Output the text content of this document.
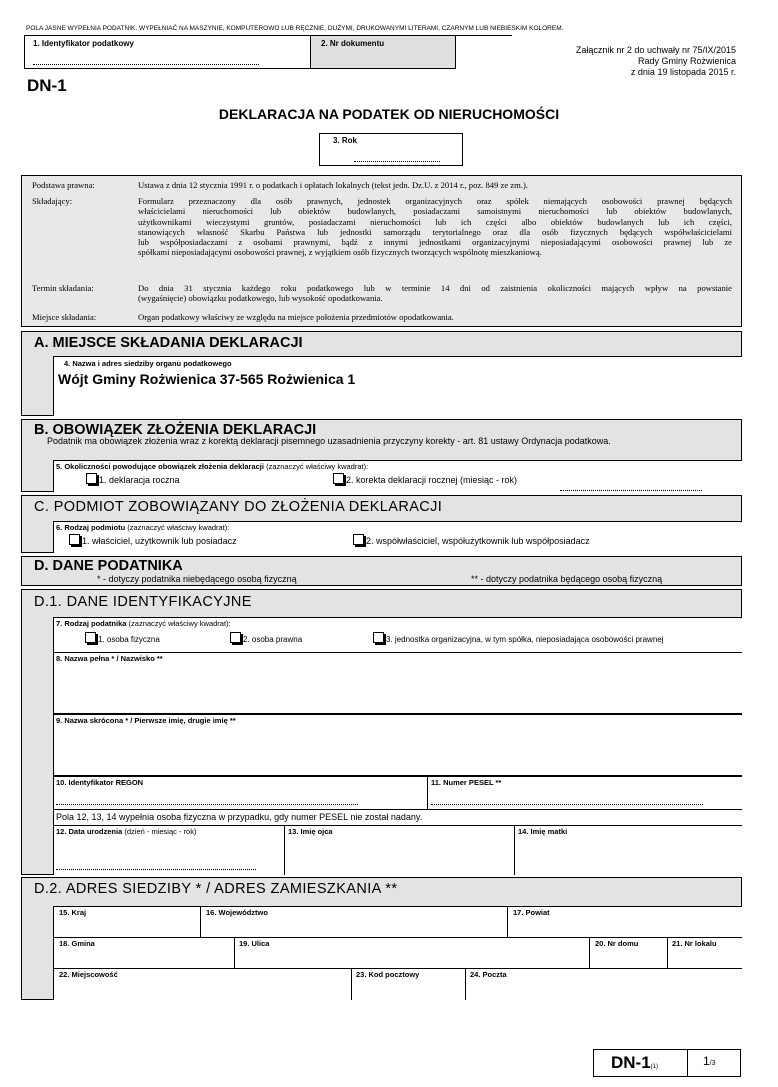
POLA JASNE WYPEŁNIA PODATNIK. WYPEŁNIAĆ NA MASZYNIE, KOMPUTEROWO LUB RĘCZNIE, DUŻYMI, DRUKOWANYMI LITERAMI, CZARNYM LUB NIEBIESKIM KOLOREM.
1. Identyfikator podatkowy	2. Nr dokumentu
Załącznik nr 2 do uchwały nr 75/IX/2015
Rady Gminy Rożwienica
z dnia 19 listopada 2015 r.
DN-1
DEKLARACJA NA PODATEK OD NIERUCHOMOŚCI
3. Rok
Podstawa prawna:	Ustawa z dnia 12 stycznia 1991 r. o podatkach i opłatach lokalnych (tekst jedn. Dz.U. z 2014 r., poz. 849 ze zm.).
Składający:	Formularz przeznaczony dla osób prawnych, jednostek organizacyjnych oraz spółek niemających osobowości prawnej będących
właścicielami nieruchomości lub obiektów budowlanych, posiadaczami samoistnymi nieruchomości lub obiektów budowlanych,
użytkownikami wieczystymi gruntów, posiadaczami nieruchomości lub ich części albo obiektów budowlanych lub ich części,
stanowiących własność Skarbu Państwa lub jednostki samorządu terytorialnego oraz dla osób fizycznych będących współwłaścicielami
lub współposiadaczami z osobami prawnymi, bądź z innymi jednostkami organizacyjnymi nieposiadającymi osobowości prawnej lub ze
spółkami nieposiadającymi osobowości prawnej, z wyjątkiem osób fizycznych tworzących wspólnotę mieszkaniową.
Termin składania:	Do dnia 31 stycznia każdego roku podatkowego lub w terminie 14 dni od zaistnienia okoliczności mających wpływ na powstanie
(wygaśnięcie) obowiązku podatkowego, lub wysokość opodatkowania.
Miejsce składania:	Organ podatkowy właściwy ze względu na miejsce położenia przedmiotów opodatkowania.
A. MIEJSCE SKŁADANIA DEKLARACJI
4. Nazwa i adres siedziby organu podatkowego
Wójt Gminy Rożwienica 37-565 Rożwienica 1
B. OBOWIĄZEK ZŁOŻENIA DEKLARACJI
Podatnik ma obowiązek złożenia wraz z korektą deklaracji pisemnego uzasadnienia przyczyny korekty - art. 81 ustawy Ordynacja podatkowa.
5. Okoliczności powodujące obowiązek złożenia deklaracji (zaznaczyć właściwy kwadrat):
1. deklaracja roczna	2. korekta deklaracji rocznej (miesiąc - rok)
C. PODMIOT ZOBOWIĄZANY DO ZŁOŻENIA DEKLARACJI
6. Rodzaj podmiotu (zaznaczyć właściwy kwadrat):
1. właściciel, użytkownik lub posiadacz	2. współwłaściciel, współużytkownik lub współposiadacz
D. DANE PODATNIKA
* - dotyczy podatnika niebędącego osobą fizyczną	** - dotyczy podatnika będącego osobą fizyczną
D.1. DANE IDENTYFIKACYJNE
7. Rodzaj podatnika (zaznaczyć właściwy kwadrat):
1. osoba fizyczna	2. osoba prawna	3. jednostka organizacyjna, w tym spółka, nieposiadająca osobowości prawnej
8. Nazwa pełna * / Nazwisko **
9. Nazwa skrócona * / Pierwsze imię, drugie imię **
10. Identyfikator REGON	11. Numer PESEL **
Pola 12, 13, 14 wypełnia osoba fizyczna w przypadku, gdy numer PESEL nie został nadany.
12. Data urodzenia (dzień - miesiąc - rok)	13. Imię ojca	14. Imię matki
D.2. ADRES SIEDZIBY * / ADRES ZAMIESZKANIA **
15. Kraj	16. Województwo	17. Powiat
18. Gmina	19. Ulica	20. Nr domu	21. Nr lokalu
22. Miejscowość	23. Kod pocztowy	24. Poczta
DN-1(1)	1/3
